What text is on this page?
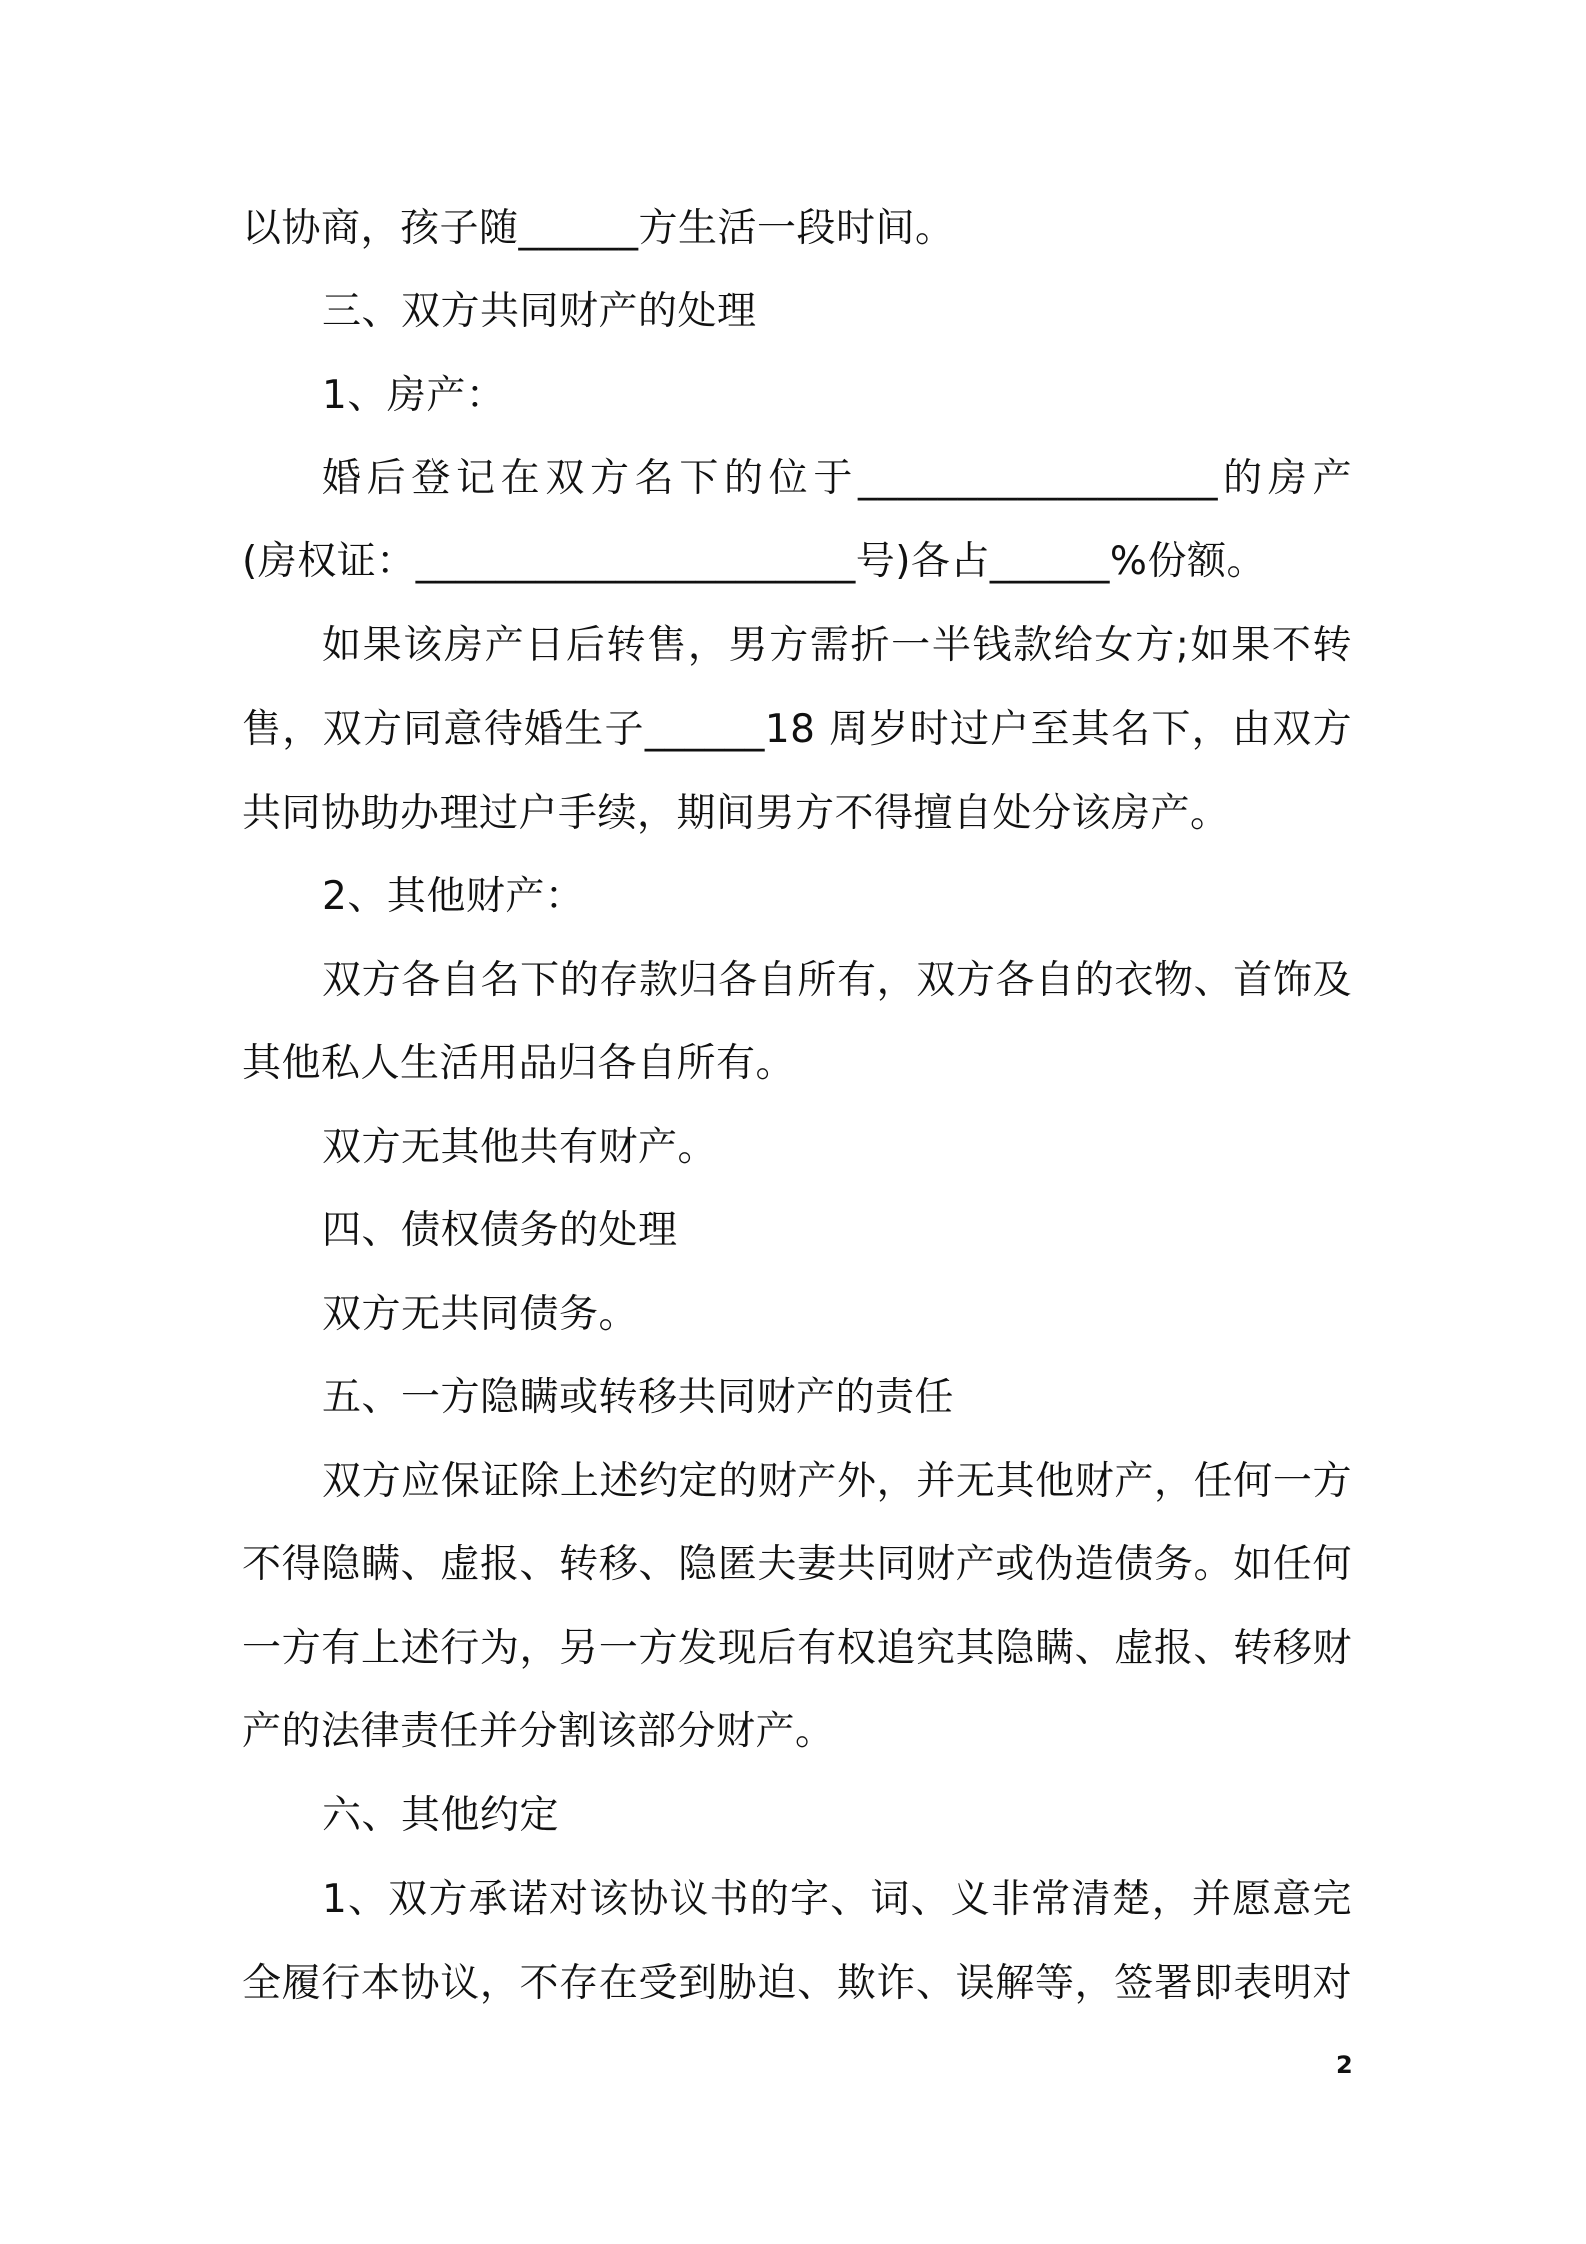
以协商，孩子随______方生活一段时间。
三、双方共同财产的处理
1、房产：
婚后登记在双方名下的位于__________________的房产
(房权证：______________________号)各占______%份额。
如果该房产日后转售，男方需折一半钱款给女方;如果不转
售，双方同意待婚生子______18 周岁时过户至其名下，由双方
共同协助办理过户手续，期间男方不得擅自处分该房产。
2、其他财产：
双方各自名下的存款归各自所有，双方各自的衣物、首饰及
其他私人生活用品归各自所有。
双方无其他共有财产。
四、债权债务的处理
双方无共同债务。
五、一方隐瞒或转移共同财产的责任
双方应保证除上述约定的财产外，并无其他财产，任何一方
不得隐瞒、虚报、转移、隐匿夫妻共同财产或伪造债务。如任何
一方有上述行为，另一方发现后有权追究其隐瞒、虚报、转移财
产的法律责任并分割该部分财产。
六、其他约定
1、双方承诺对该协议书的字、词、义非常清楚，并愿意完
全履行本协议，不存在受到胁迫、欺诈、误解等，签署即表明对
2
